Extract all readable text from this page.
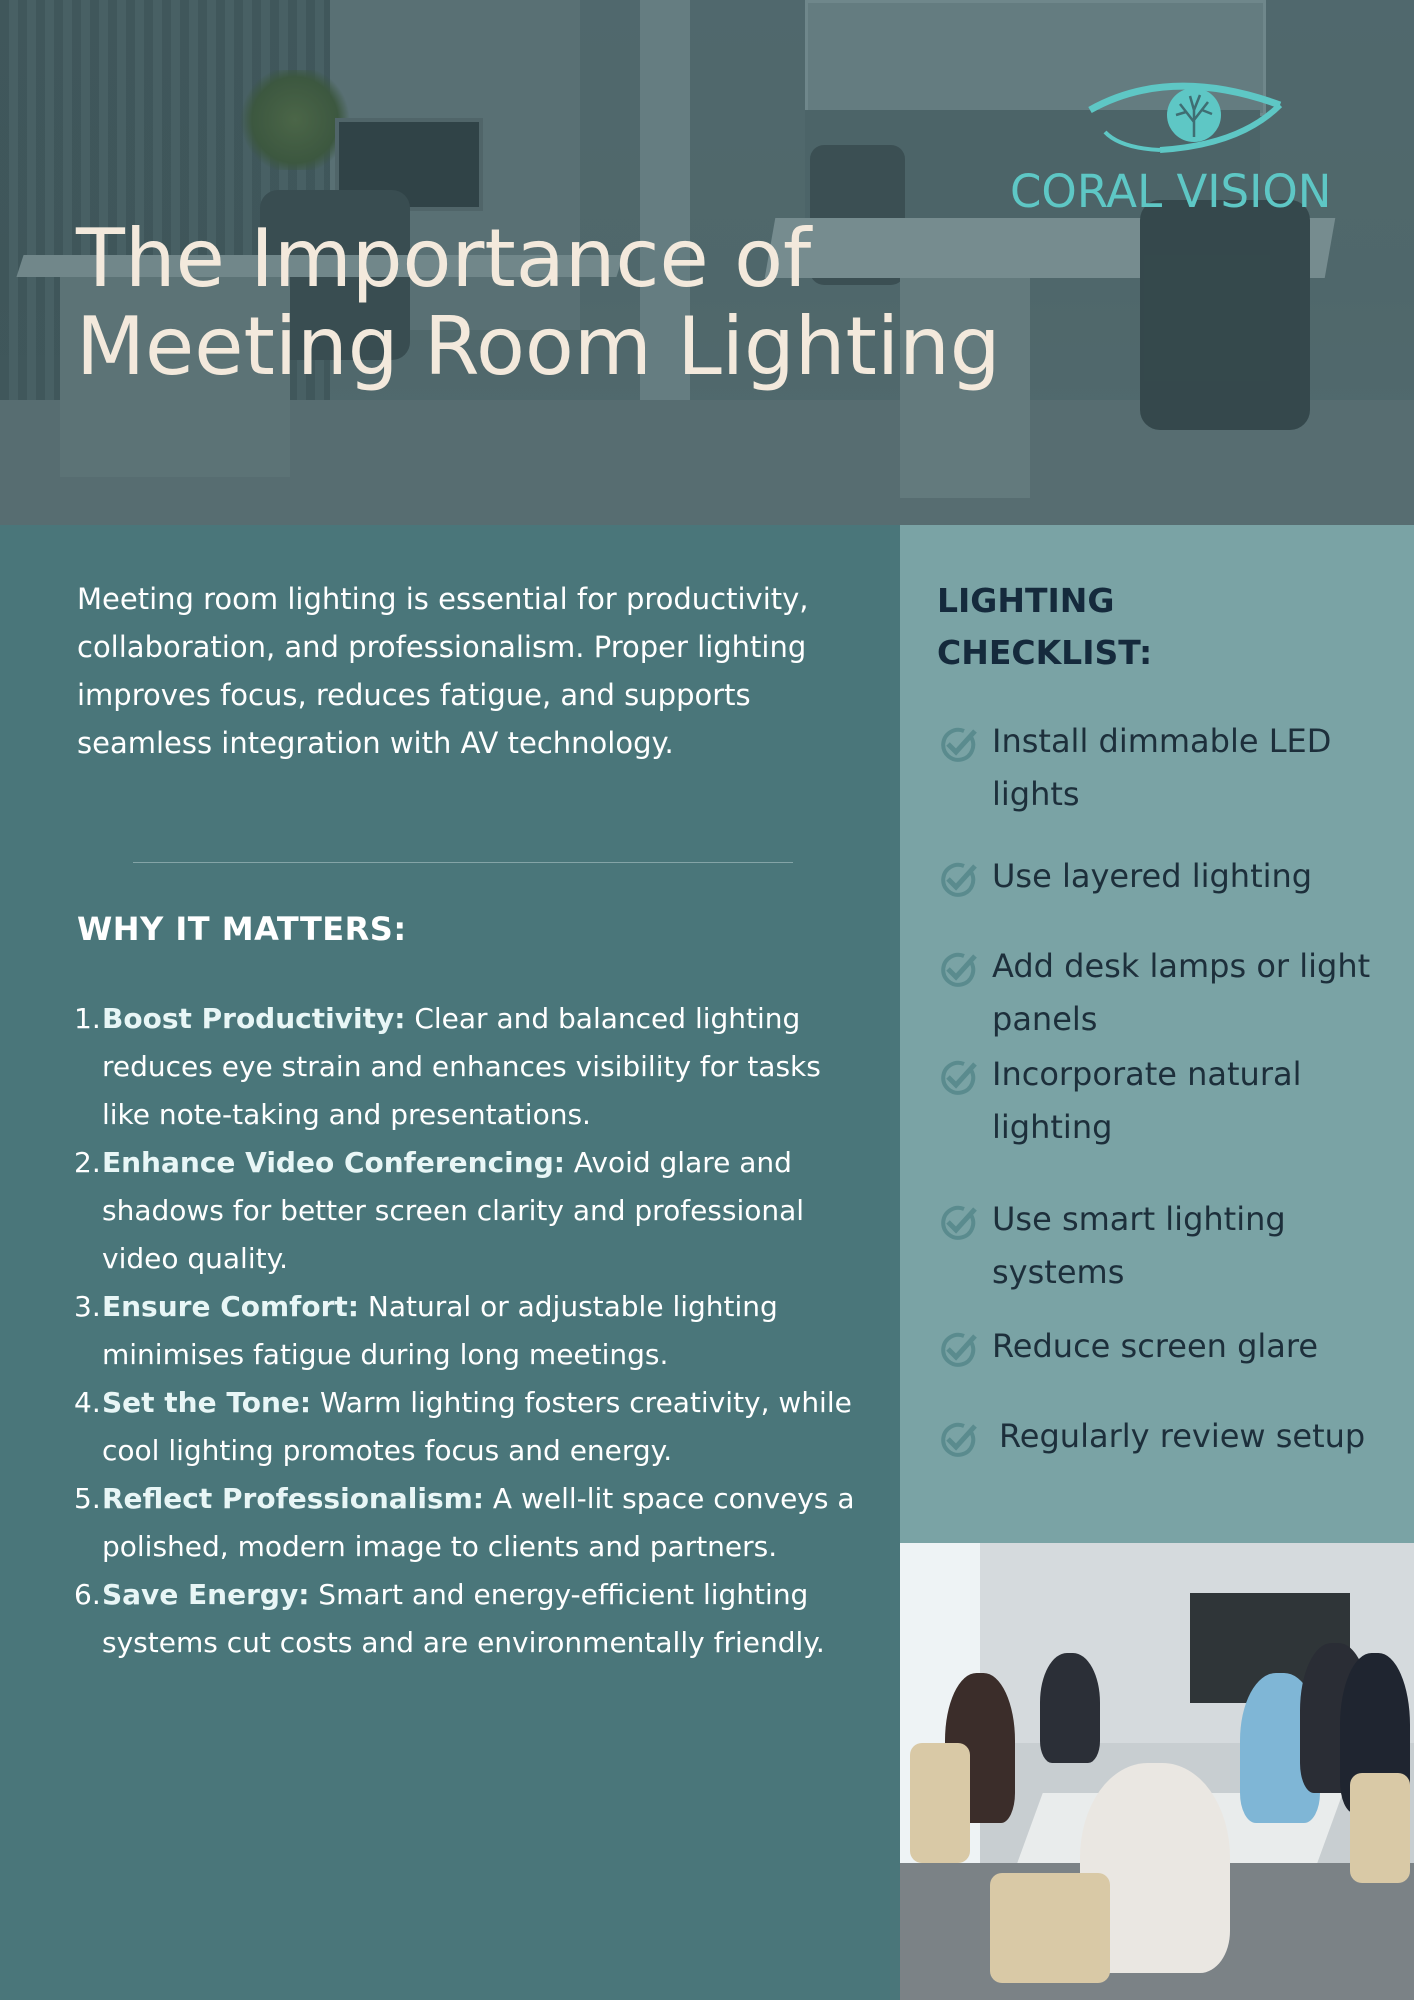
CORAL VISION
The Importance of
Meeting Room Lighting

Meeting room lighting is essential for productivity, collaboration, and professionalism. Proper lighting improves focus, reduces fatigue, and supports seamless integration with AV technology.

WHY IT MATTERS:
1. Boost Productivity: Clear and balanced lighting reduces eye strain and enhances visibility for tasks like note-taking and presentations.
2. Enhance Video Conferencing: Avoid glare and shadows for better screen clarity and professional video quality.
3. Ensure Comfort: Natural or adjustable lighting minimises fatigue during long meetings.
4. Set the Tone: Warm lighting fosters creativity, while cool lighting promotes focus and energy.
5. Reflect Professionalism: A well-lit space conveys a polished, modern image to clients and partners.
6. Save Energy: Smart and energy-efficient lighting systems cut costs and are environmentally friendly.
LIGHTING CHECKLIST:
Install dimmable LED lights
Use layered lighting
Add desk lamps or light panels
Incorporate natural lighting
Use smart lighting systems
Reduce screen glare
Regularly review setup
